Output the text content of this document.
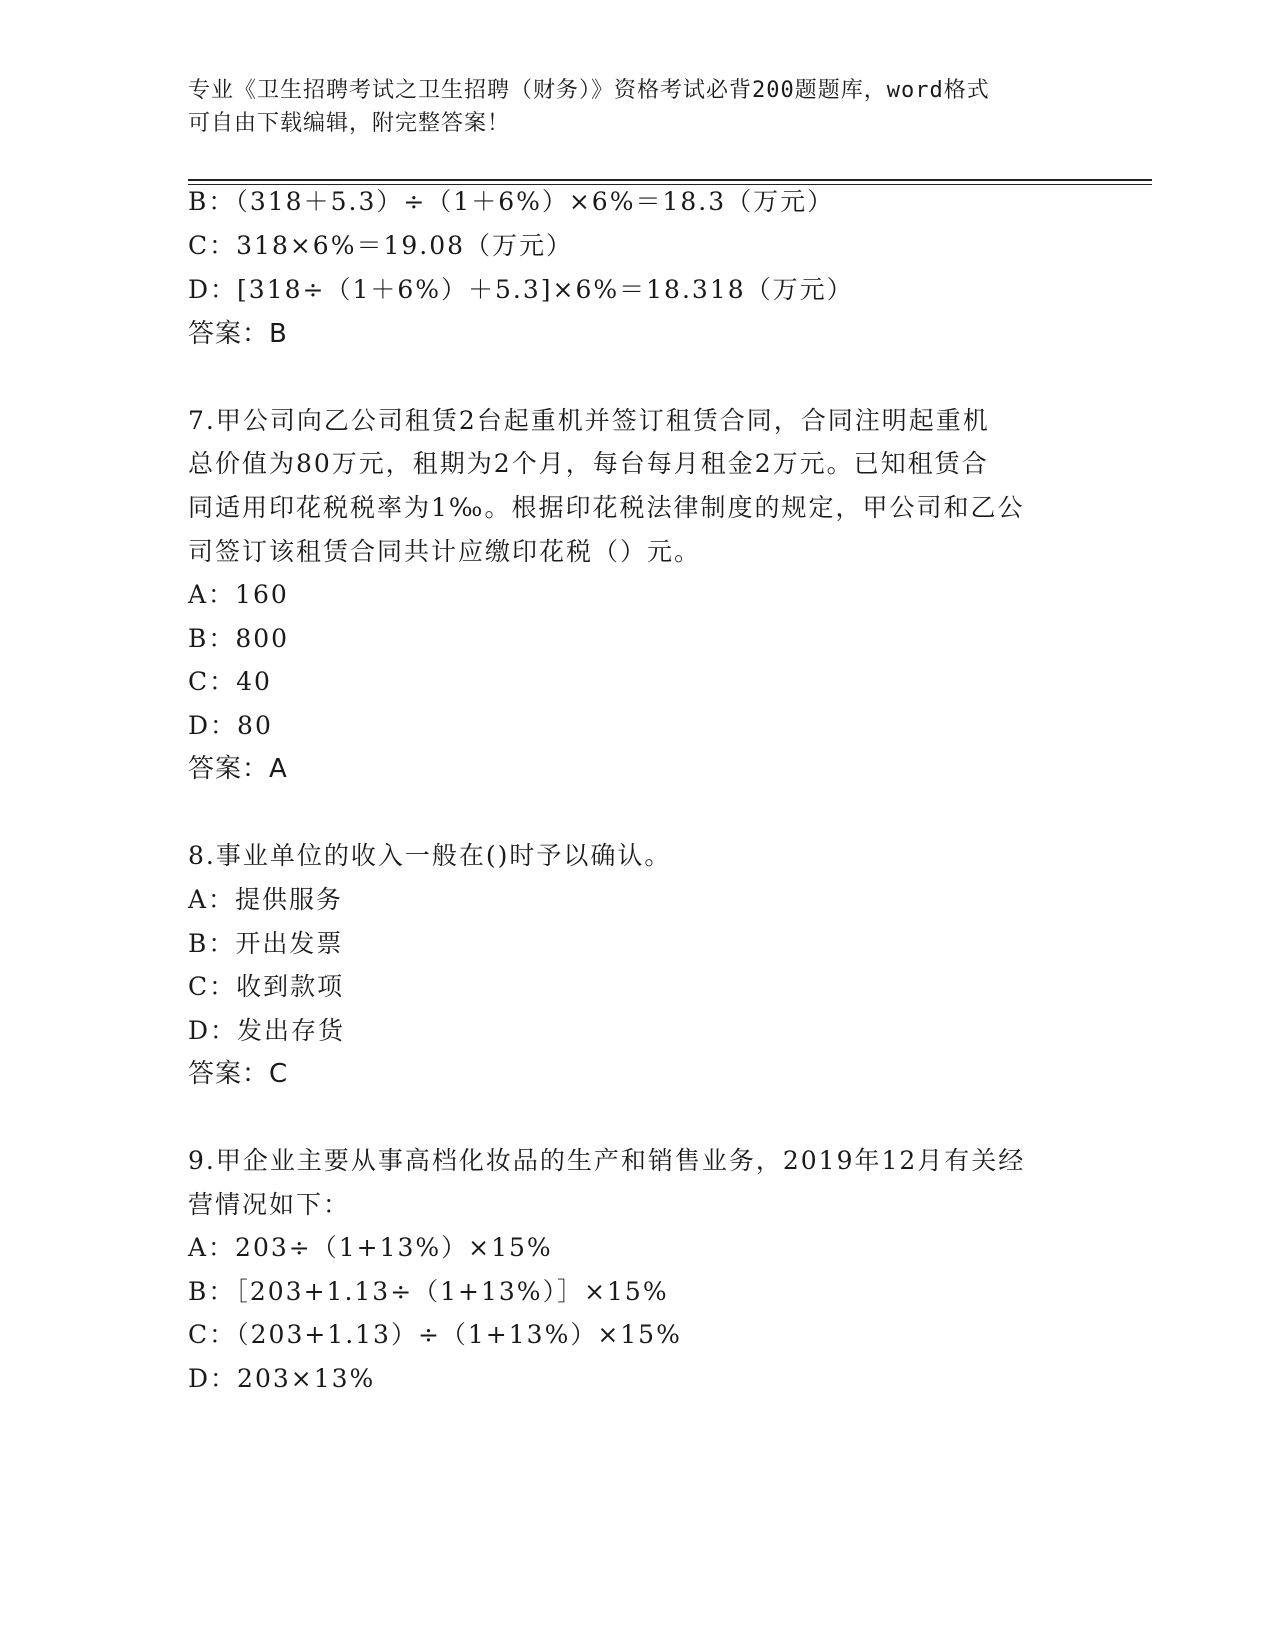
专业《卫生招聘考试之卫生招聘（财务）》资格考试必背200题题库，word格式
可自由下载编辑，附完整答案！
B：（318＋5.3）÷（1＋6%）×6%＝18.3（万元）
C：318×6%＝19.08（万元）
D：[318÷（1＋6%）＋5.3]×6%＝18.318（万元）
答案：B
7.甲公司向乙公司租赁2台起重机并签订租赁合同，合同注明起重机
总价值为80万元，租期为2个月，每台每月租金2万元。已知租赁合
同适用印花税税率为1‰。根据印花税法律制度的规定，甲公司和乙公
司签订该租赁合同共计应缴印花税（）元。
A：160
B：800
C：40
D：80
答案：A
8.事业单位的收入一般在()时予以确认。
A：提供服务
B：开出发票
C：收到款项
D：发出存货
答案：C
9.甲企业主要从事高档化妆品的生产和销售业务，2019年12月有关经
营情况如下：
A：203÷（1+13%）×15%
B：［203+1.13÷（1+13%）］×15%
C：（203+1.13）÷（1+13%）×15%
D：203×13%
